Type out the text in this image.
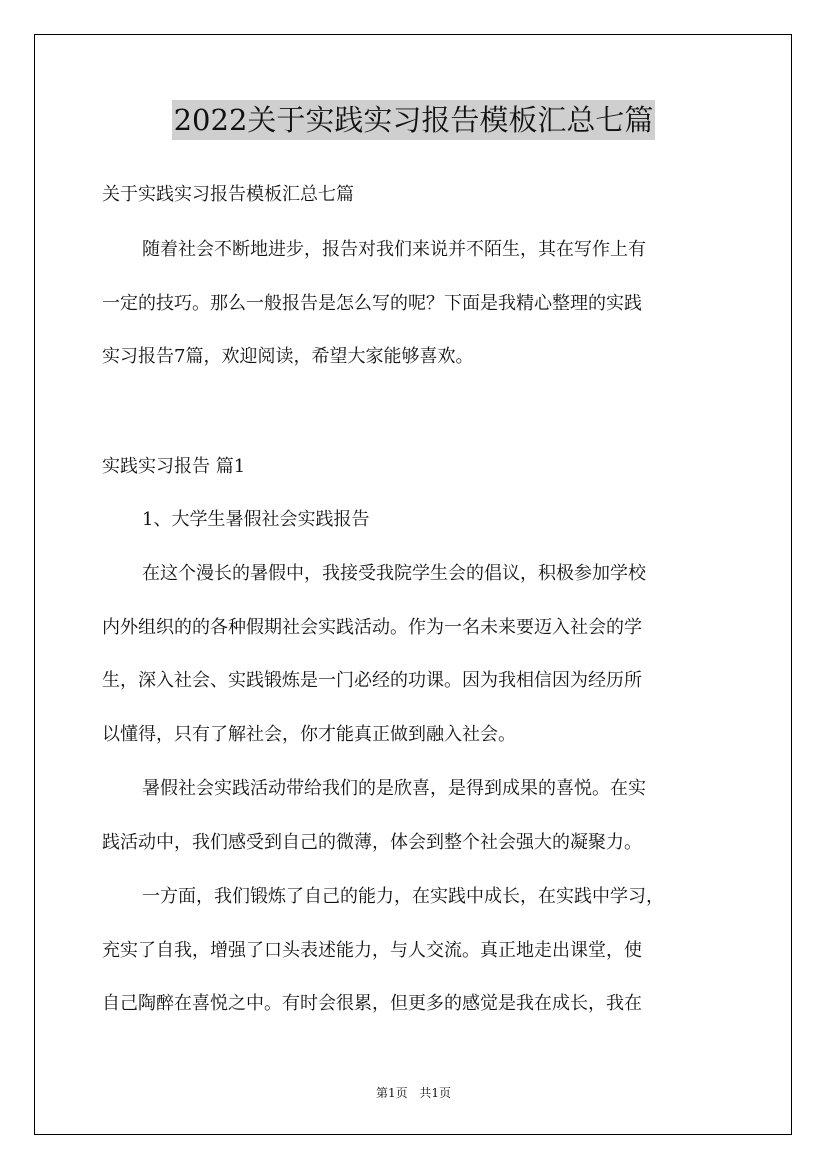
2022关于实践实习报告模板汇总七篇
关于实践实习报告模板汇总七篇
随着社会不断地进步，报告对我们来说并不陌生，其在写作上有
一定的技巧。那么一般报告是怎么写的呢？下面是我精心整理的实践
实习报告7篇，欢迎阅读，希望大家能够喜欢。
实践实习报告 篇1
1、大学生暑假社会实践报告
在这个漫长的暑假中，我接受我院学生会的倡议，积极参加学校
内外组织的的各种假期社会实践活动。作为一名未来要迈入社会的学
生，深入社会、实践锻炼是一门必经的功课。因为我相信因为经历所
以懂得，只有了解社会，你才能真正做到融入社会。
暑假社会实践活动带给我们的是欣喜，是得到成果的喜悦。在实
践活动中，我们感受到自己的微薄，体会到整个社会强大的凝聚力。
一方面，我们锻炼了自己的能力，在实践中成长，在实践中学习，
充实了自我，增强了口头表述能力，与人交流。真正地走出课堂，使
自己陶醉在喜悦之中。有时会很累，但更多的感觉是我在成长，我在
第1页 共1页
